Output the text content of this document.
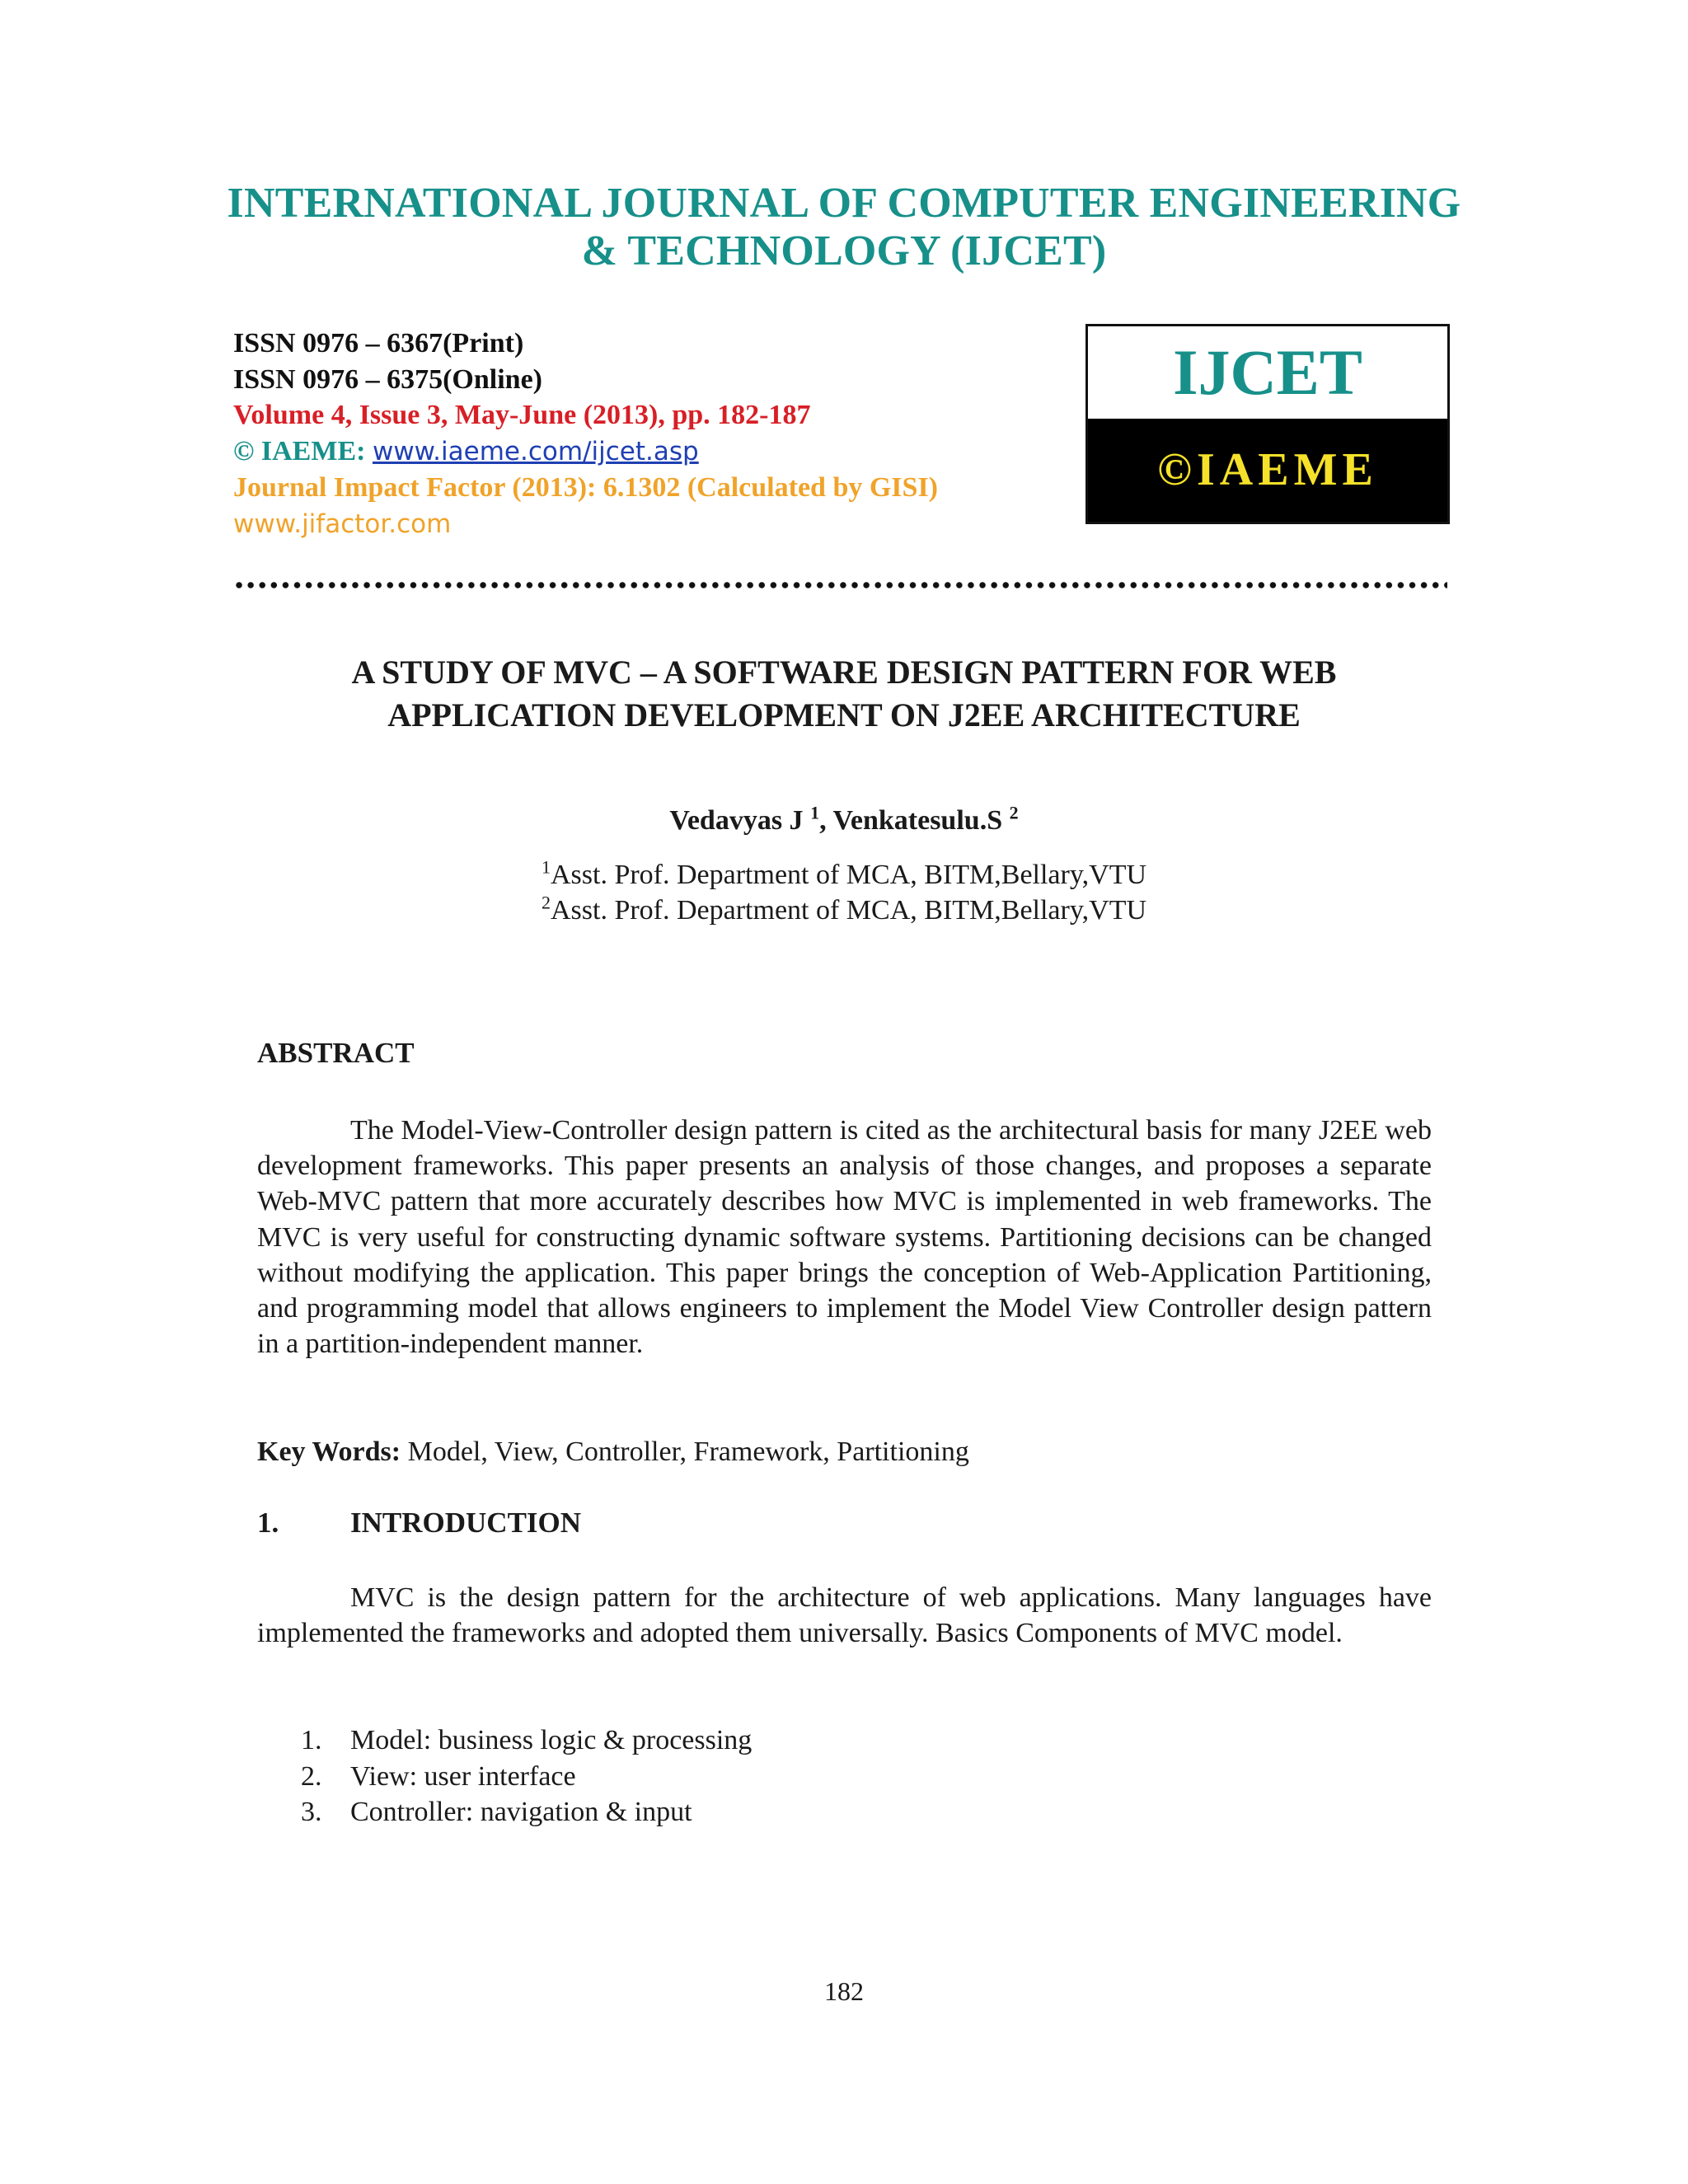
INTERNATIONAL JOURNAL OF COMPUTER ENGINEERING
& TECHNOLOGY (IJCET)
ISSN 0976 – 6367(Print)
ISSN 0976 – 6375(Online)
Volume 4, Issue 3, May-June (2013), pp. 182-187
© IAEME: www.iaeme.com/ijcet.asp
Journal Impact Factor (2013): 6.1302 (Calculated by GISI)
www.jifactor.com
IJCET
©IAEME
A STUDY OF MVC – A SOFTWARE DESIGN PATTERN FOR WEB
APPLICATION DEVELOPMENT ON J2EE ARCHITECTURE
Vedavyas J $^1$, Venkatesulu.S $^2$
$^1$Asst. Prof. Department of MCA, BITM,Bellary,VTU
$^2$Asst. Prof. Department of MCA, BITM,Bellary,VTU
ABSTRACT

The Model-View-Controller design pattern is cited as the architectural basis for many J2EE web development frameworks. This paper presents an analysis of those changes, and proposes a separate Web-MVC pattern that more accurately describes how MVC is implemented in web frameworks. The MVC is very useful for constructing dynamic software systems. Partitioning decisions can be changed without modifying the application. This paper brings the conception of Web-Application Partitioning, and programming model that allows engineers to implement the Model View Controller design pattern in a partition-independent manner.

Key Words: Model, View, Controller, Framework, Partitioning
1. INTRODUCTION

MVC is the design pattern for the architecture of web applications. Many languages have implemented the frameworks and adopted them universally. Basics Components of MVC model.

1. Model: business logic & processing
2. View: user interface
3. Controller: navigation & input
182
